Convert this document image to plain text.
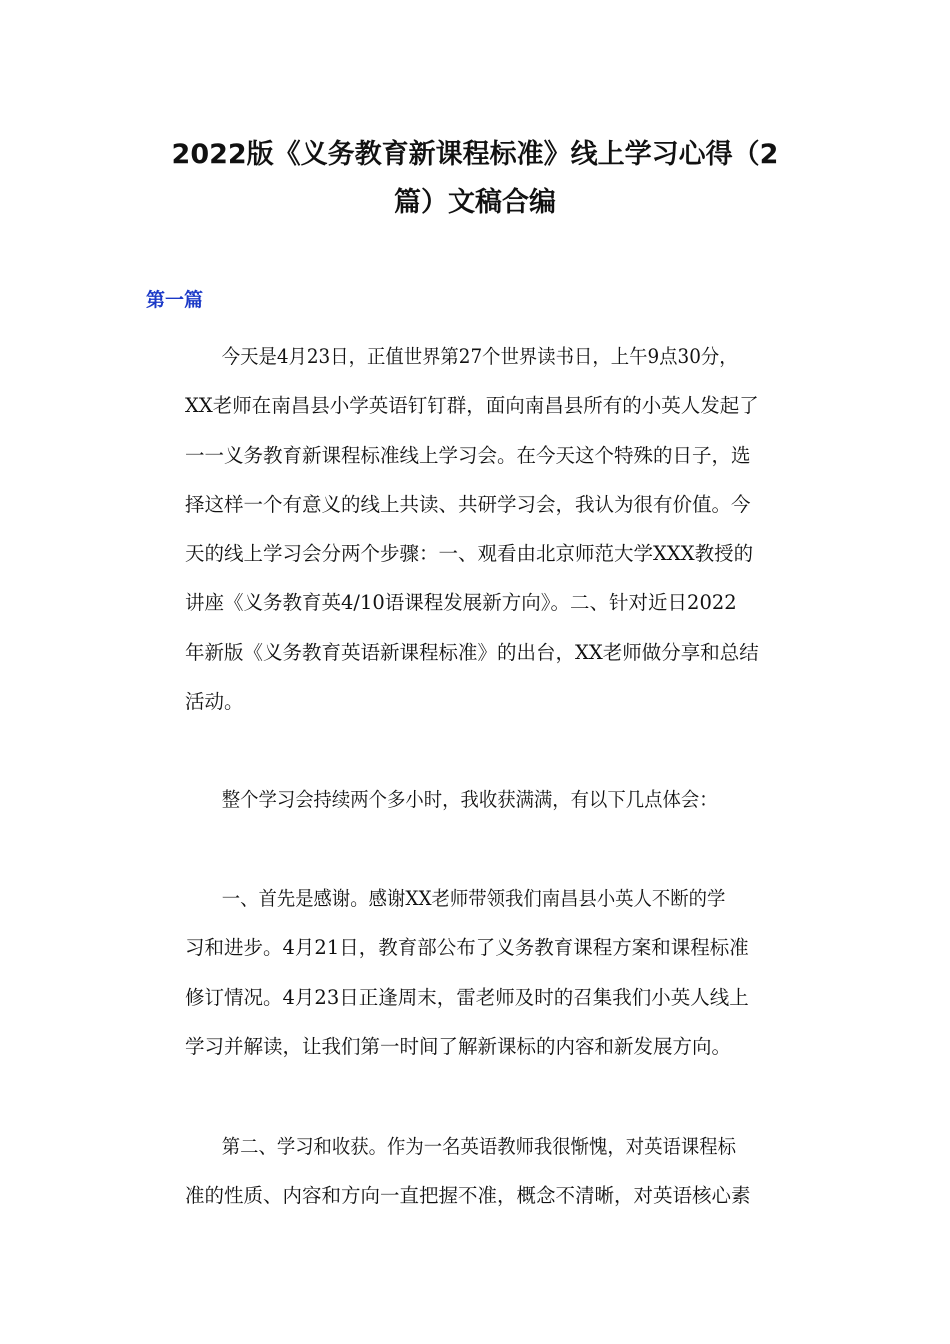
2022版《义务教育新课程标准》线上学习心得（2
篇）文稿合编
第一篇

今天是4月23日，正值世界第27个世界读书日，上午9点30分，
XX老师在南昌县小学英语钉钉群，面向南昌县所有的小英人发起了
一一义务教育新课程标准线上学习会。在今天这个特殊的日子，选
择这样一个有意义的线上共读、共研学习会，我认为很有价值。今
天的线上学习会分两个步骤：一、观看由北京师范大学XXX教授的
讲座《义务教育英4/10语课程发展新方向》。二、针对近日2022
年新版《义务教育英语新课程标准》的出台，XX老师做分享和总结
活动。

整个学习会持续两个多小时，我收获满满，有以下几点体会：

一、首先是感谢。感谢XX老师带领我们南昌县小英人不断的学
习和进步。4月21日，教育部公布了义务教育课程方案和课程标准
修订情况。4月23日正逢周末，雷老师及时的召集我们小英人线上
学习并解读，让我们第一时间了解新课标的内容和新发展方向。

第二、学习和收获。作为一名英语教师我很惭愧，对英语课程标
准的性质、内容和方向一直把握不准，概念不清晰，对英语核心素
